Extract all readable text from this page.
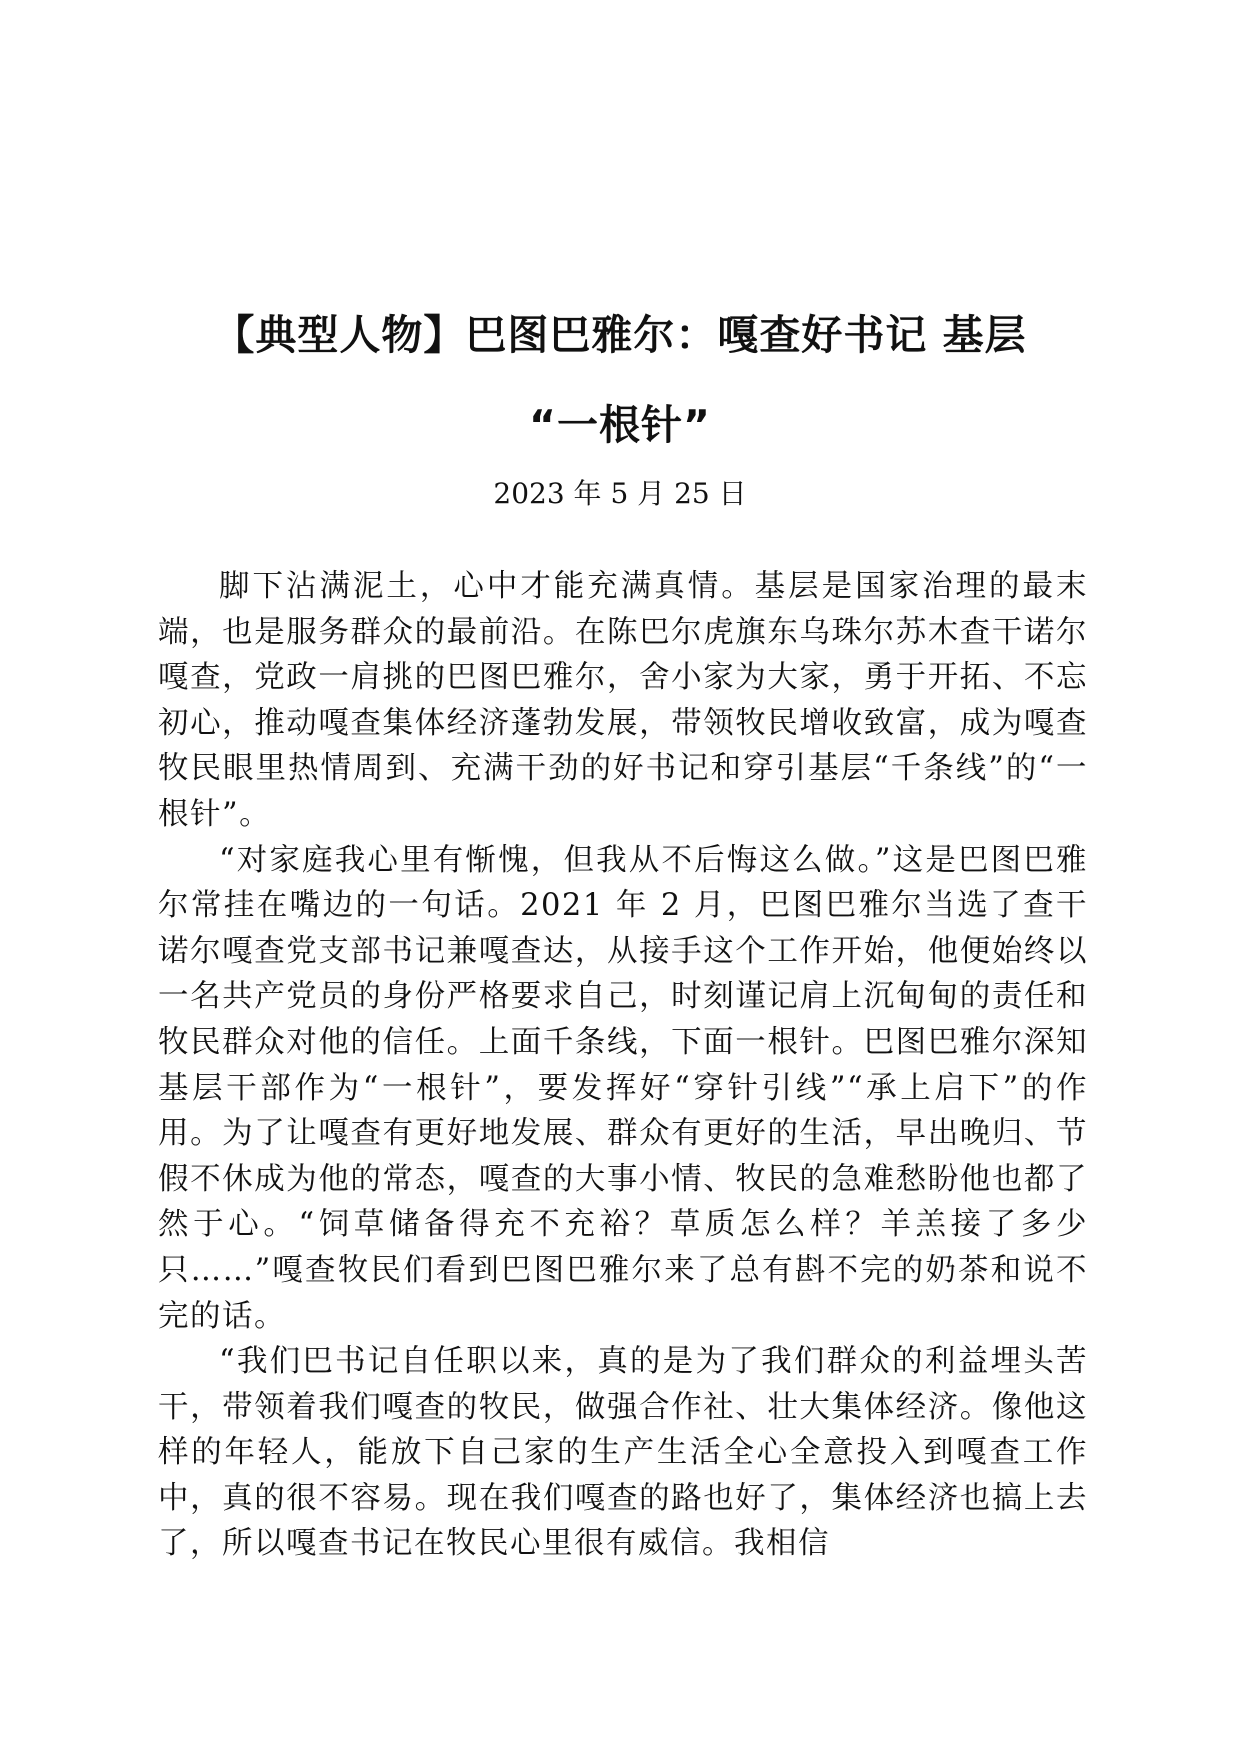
【典型人物】巴图巴雅尔：嘎查好书记 基层
“一根针”
2023 年 5 月 25 日

脚下沾满泥土，心中才能充满真情。基层是国家治理的最末端，也是服务群众的最前沿。在陈巴尔虎旗东乌珠尔苏木查干诺尔嘎查，党政一肩挑的巴图巴雅尔，舍小家为大家，勇于开拓、不忘初心，推动嘎查集体经济蓬勃发展，带领牧民增收致富，成为嘎查牧民眼里热情周到、充满干劲的好书记和穿引基层“千条线”的“一根针”。

“对家庭我心里有惭愧，但我从不后悔这么做。”这是巴图巴雅尔常挂在嘴边的一句话。2021 年 2 月，巴图巴雅尔当选了查干诺尔嘎查党支部书记兼嘎查达，从接手这个工作开始，他便始终以一名共产党员的身份严格要求自己，时刻谨记肩上沉甸甸的责任和牧民群众对他的信任。上面千条线，下面一根针。巴图巴雅尔深知基层干部作为“一根针”，要发挥好“穿针引线”“承上启下”的作用。为了让嘎查有更好地发展、群众有更好的生活，早出晚归、节假不休成为他的常态，嘎查的大事小情、牧民的急难愁盼他也都了然于心。“饲草储备得充不充裕？草质怎么样？羊羔接了多少只……”嘎查牧民们看到巴图巴雅尔来了总有斟不完的奶茶和说不完的话。

“我们巴书记自任职以来，真的是为了我们群众的利益埋头苦干，带领着我们嘎查的牧民，做强合作社、壮大集体经济。像他这样的年轻人，能放下自己家的生产生活全心全意投入到嘎查工作中，真的很不容易。现在我们嘎查的路也好了，集体经济也搞上去了，所以嘎查书记在牧民心里很有威信。我相信
